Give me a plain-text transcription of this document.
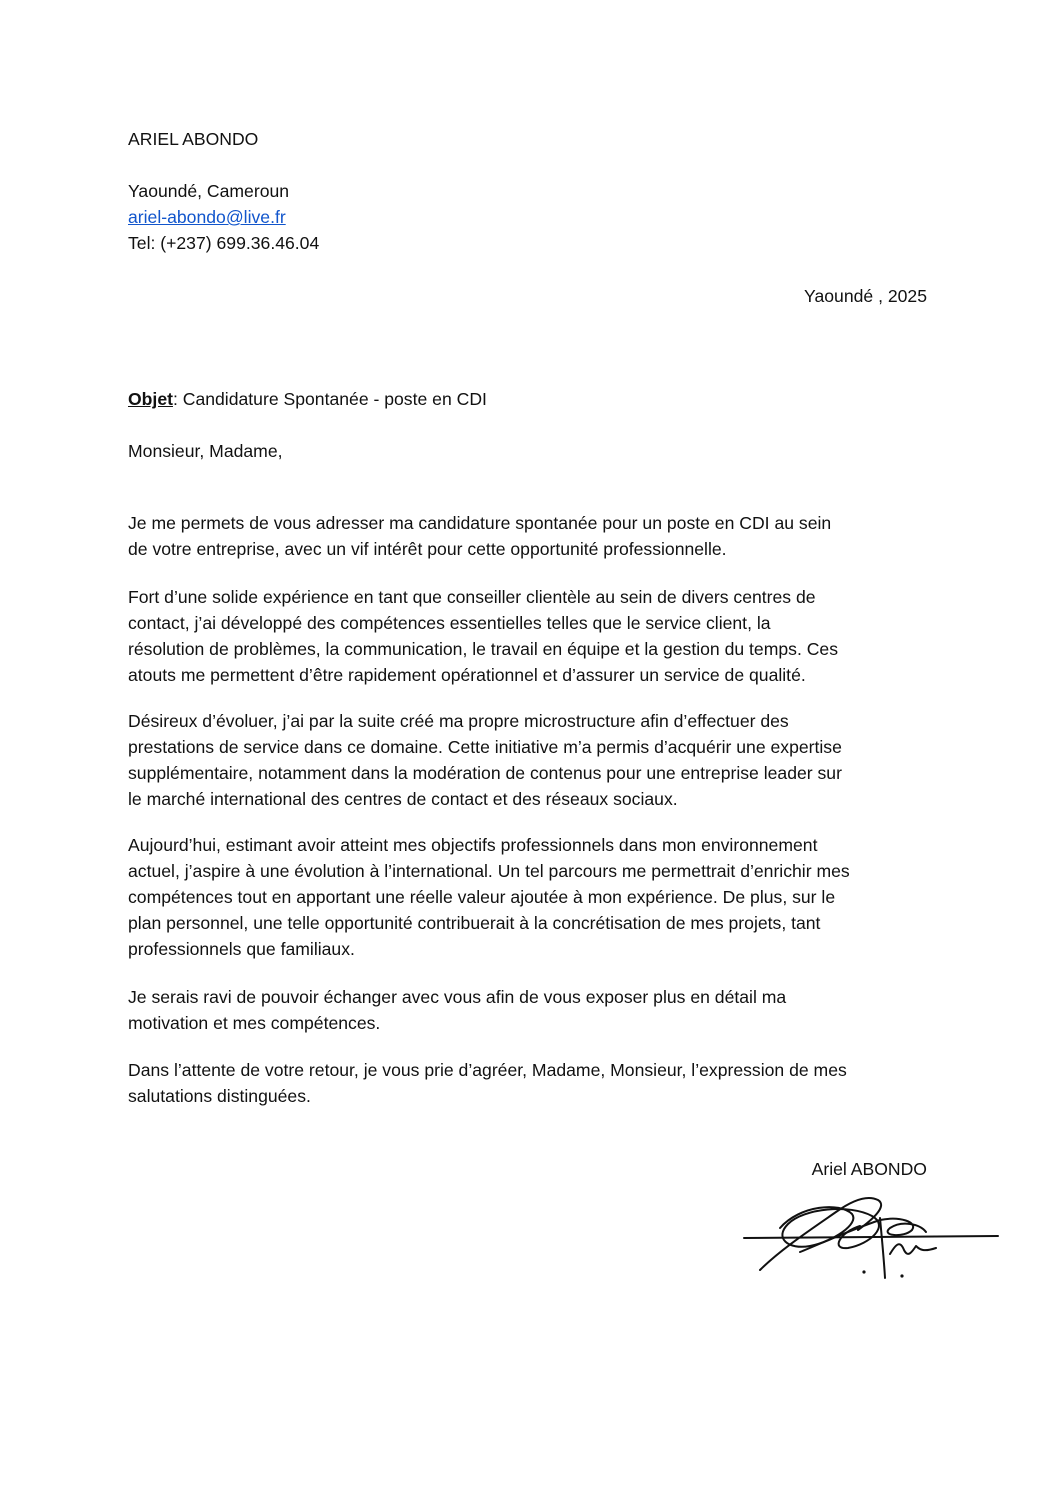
ARIEL ABONDO
Yaoundé, Cameroun
ariel-abondo@live.fr
Tel: (+237) 699.36.46.04
Yaoundé , 2025
Objet: Candidature Spontanée - poste en CDI
Monsieur, Madame,
Je me permets de vous adresser ma candidature spontanée pour un poste en CDI au sein
de votre entreprise, avec un vif intérêt pour cette opportunité professionnelle.
Fort d’une solide expérience en tant que conseiller clientèle au sein de divers centres de
contact, j’ai développé des compétences essentielles telles que le service client, la
résolution de problèmes, la communication, le travail en équipe et la gestion du temps. Ces
atouts me permettent d’être rapidement opérationnel et d’assurer un service de qualité.
Désireux d’évoluer, j’ai par la suite créé ma propre microstructure afin d’effectuer des
prestations de service dans ce domaine. Cette initiative m’a permis d’acquérir une expertise
supplémentaire, notamment dans la modération de contenus pour une entreprise leader sur
le marché international des centres de contact et des réseaux sociaux.
Aujourd’hui, estimant avoir atteint mes objectifs professionnels dans mon environnement
actuel, j’aspire à une évolution à l’international. Un tel parcours me permettrait d’enrichir mes
compétences tout en apportant une réelle valeur ajoutée à mon expérience. De plus, sur le
plan personnel, une telle opportunité contribuerait à la concrétisation de mes projets, tant
professionnels que familiaux.
Je serais ravi de pouvoir échanger avec vous afin de vous exposer plus en détail ma
motivation et mes compétences.
Dans l’attente de votre retour, je vous prie d’agréer, Madame, Monsieur, l’expression de mes
salutations distinguées.
Ariel ABONDO
